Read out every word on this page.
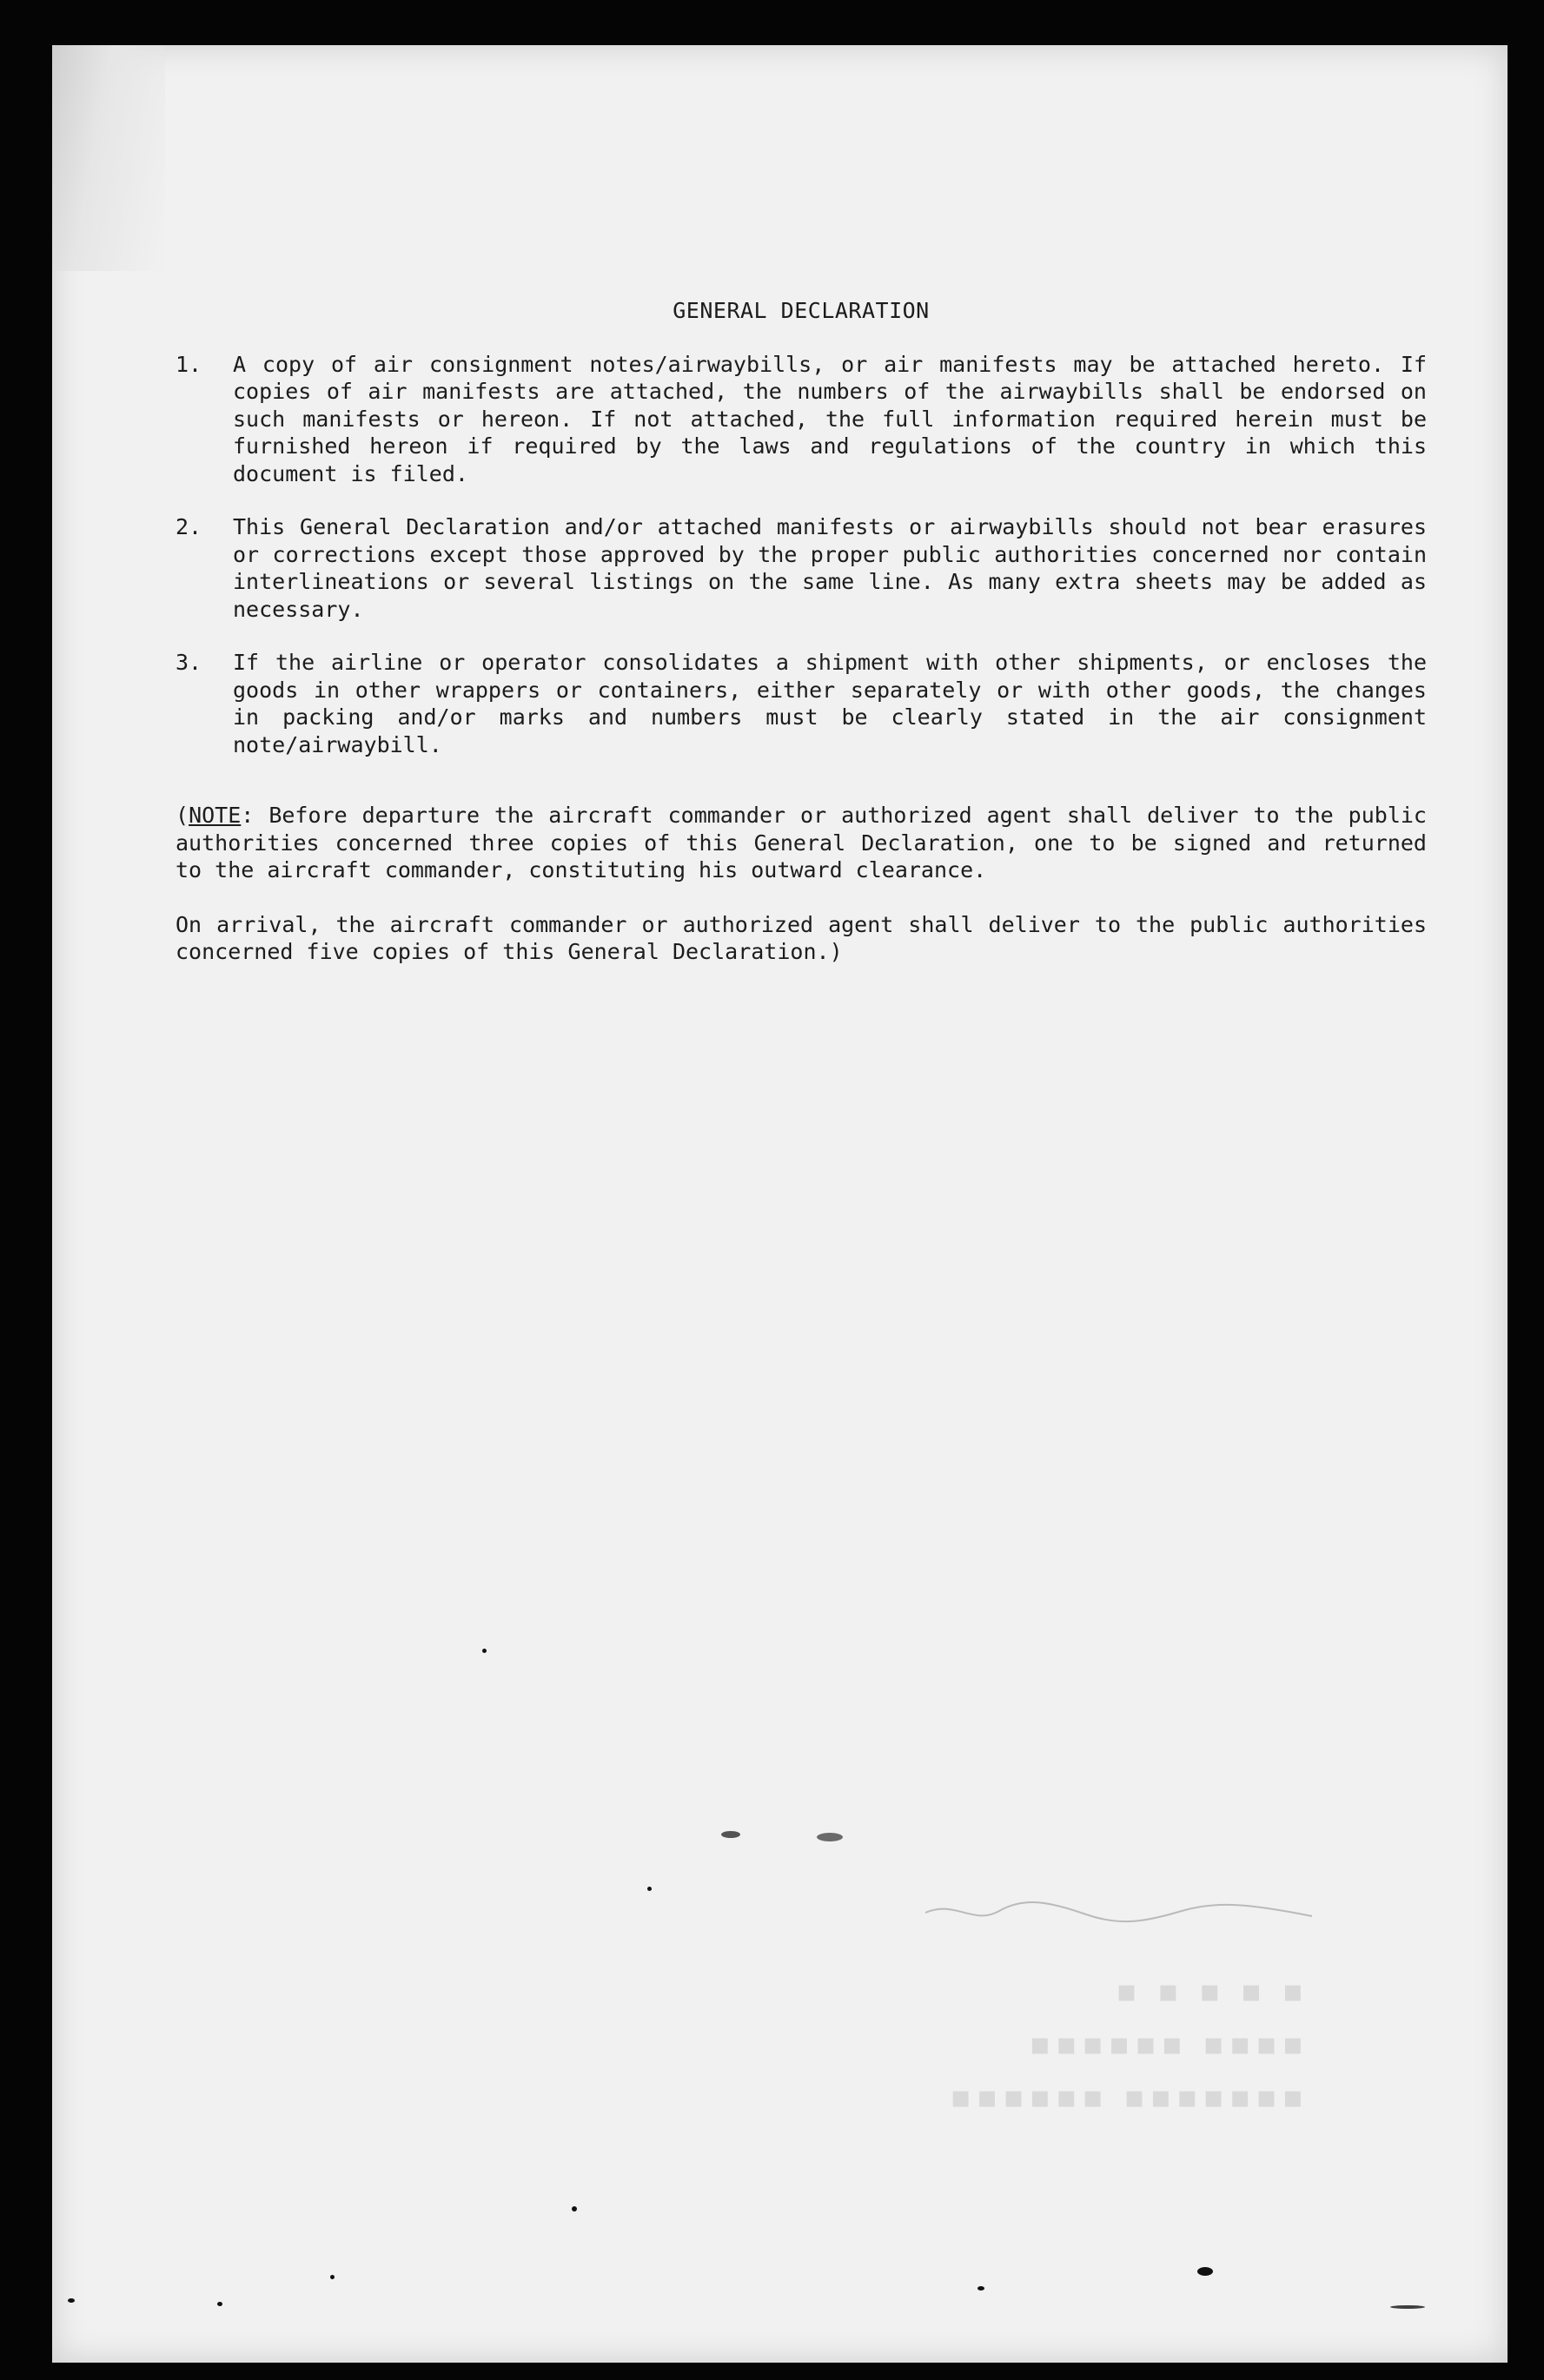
▪ ▪ ▪ ▪ ▪
▪▪▪▪ ▪▪▪▪▪▪
▪▪▪▪▪▪▪ ▪▪▪▪▪▪
GENERAL DECLARATION
1.	A copy of air consignment notes/airwaybills, or air manifests may be attached hereto. If copies of air manifests are attached, the numbers of the airwaybills shall be endorsed on such manifests or hereon. If not attached, the full information required herein must be furnished hereon if required by the laws and regulations of the country in which this document is filed.
2.	This General Declaration and/or attached manifests or airwaybills should not bear erasures or corrections except those approved by the proper public authorities concerned nor contain interlineations or several listings on the same line. As many extra sheets may be added as necessary.
3.	If the airline or operator consolidates a shipment with other shipments, or encloses the goods in other wrappers or containers, either separately or with other goods, the changes in packing and/or marks and numbers must be clearly stated in the air consignment note/airwaybill.
(NOTE: Before departure the aircraft commander or authorized agent shall deliver to the public authorities concerned three copies of this General Declaration, one to be signed and returned to the aircraft commander, constituting his outward clearance.
On arrival, the aircraft commander or authorized agent shall deliver to the public authorities concerned five copies of this General Declaration.)
